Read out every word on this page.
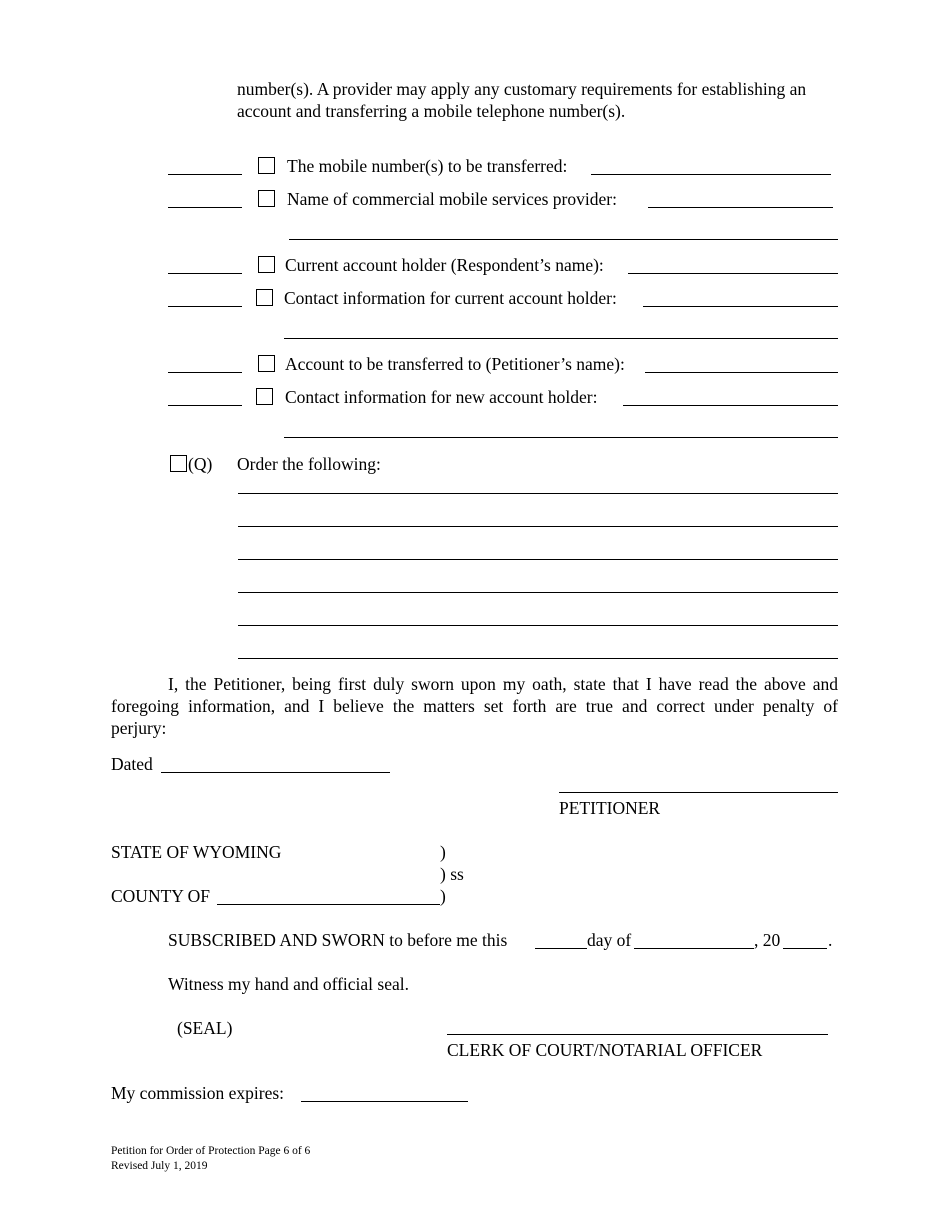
number(s). A provider may apply any customary requirements for establishing an
account and transferring a mobile telephone number(s).
The mobile number(s) to be transferred:
Name of commercial mobile services provider:
Current account holder (Respondent’s name):
Contact information for current account holder:
Account to be transferred to (Petitioner’s name):
Contact information for new account holder:
(Q) Order the following:
I, the Petitioner, being first duly sworn upon my oath, state that I have read the above and
foregoing information, and I believe the matters set forth are true and correct under penalty of
perjury:
Dated
PETITIONER
STATE OF WYOMING	)
) ss
COUNTY OF	)
SUBSCRIBED AND SWORN to before me this	day of	, 20	.
Witness my hand and official seal.
(SEAL)
CLERK OF COURT/NOTARIAL OFFICER
My commission expires:
Petition for Order of Protection Page 6 of 6
Revised July 1, 2019
